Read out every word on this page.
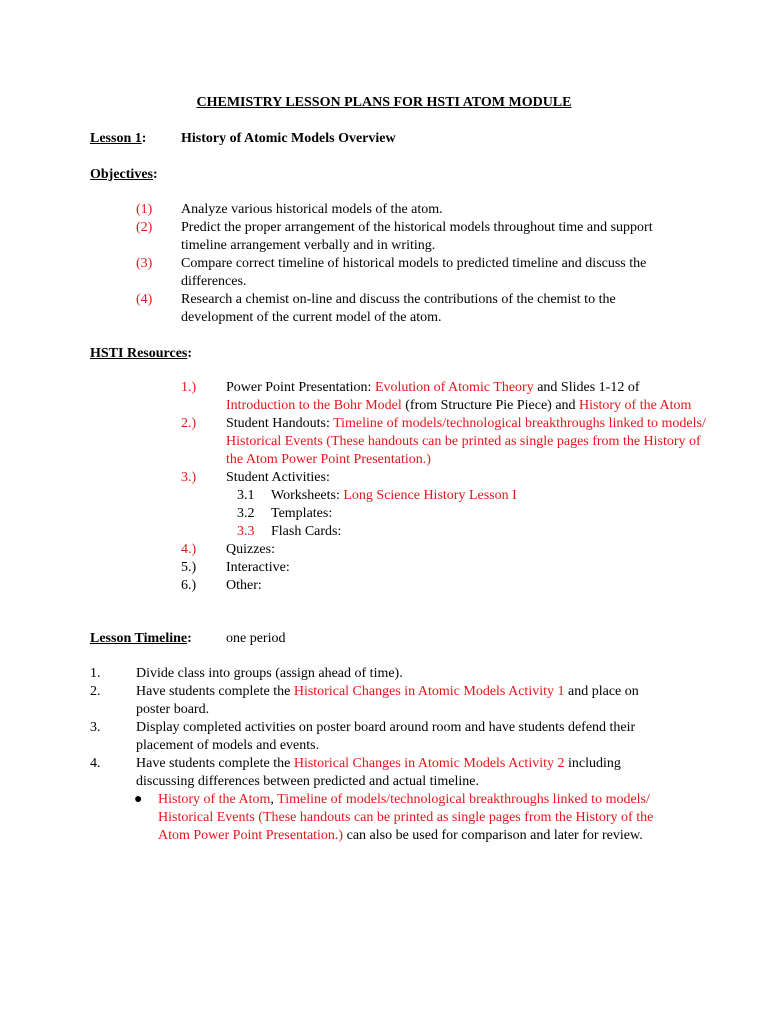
CHEMISTRY LESSON PLANS FOR HSTI ATOM MODULE
Lesson 1: History of Atomic Models Overview
Objectives:
(1) Analyze various historical models of the atom.
(2) Predict the proper arrangement of the historical models throughout time and support timeline arrangement verbally and in writing.
(3) Compare correct timeline of historical models to predicted timeline and discuss the differences.
(4) Research a chemist on-line and discuss the contributions of the chemist to the development of the current model of the atom.
HSTI Resources:
1.) Power Point Presentation: Evolution of Atomic Theory and Slides 1-12 of Introduction to the Bohr Model (from Structure Pie Piece) and History of the Atom
2.) Student Handouts: Timeline of models/technological breakthroughs linked to models/ Historical Events (These handouts can be printed as single pages from the History of the Atom Power Point Presentation.)
3.) Student Activities:
3.1 Worksheets: Long Science History Lesson I
3.2 Templates:
3.3 Flash Cards:
4.) Quizzes:
5.) Interactive:
6.) Other:
Lesson Timeline: one period
1.	Divide class into groups (assign ahead of time).
2.	Have students complete the Historical Changes in Atomic Models Activity 1 and place on poster board.
3.	Display completed activities on poster board around room and have students defend their placement of models and events.
4.	Have students complete the Historical Changes in Atomic Models Activity 2 including discussing differences between predicted and actual timeline.
● History of the Atom, Timeline of models/technological breakthroughs linked to models/ Historical Events (These handouts can be printed as single pages from the History of the Atom Power Point Presentation.) can also be used for comparison and later for review.
